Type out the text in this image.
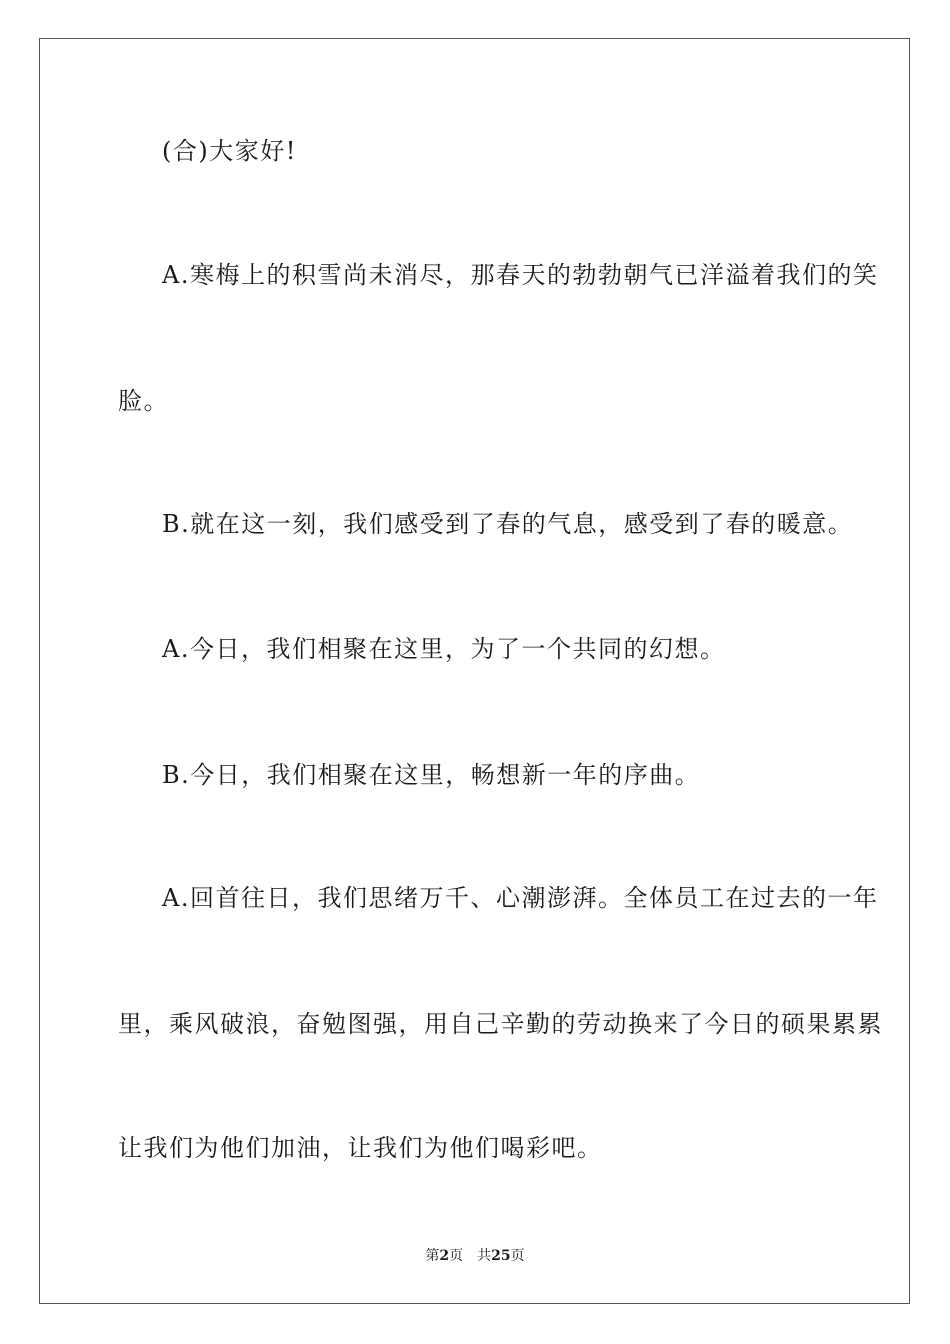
(合)大家好!
A.寒梅上的积雪尚未消尽，那春天的勃勃朝气已洋溢着我们的笑
脸。
B.就在这一刻，我们感受到了春的气息，感受到了春的暖意。
A.今日，我们相聚在这里，为了一个共同的幻想。
B.今日，我们相聚在这里，畅想新一年的序曲。
A.回首往日，我们思绪万千、心潮澎湃。全体员工在过去的一年
里，乘风破浪，奋勉图强，用自己辛勤的劳动换来了今日的硕果累累
让我们为他们加油，让我们为他们喝彩吧。
第2页 共25页
